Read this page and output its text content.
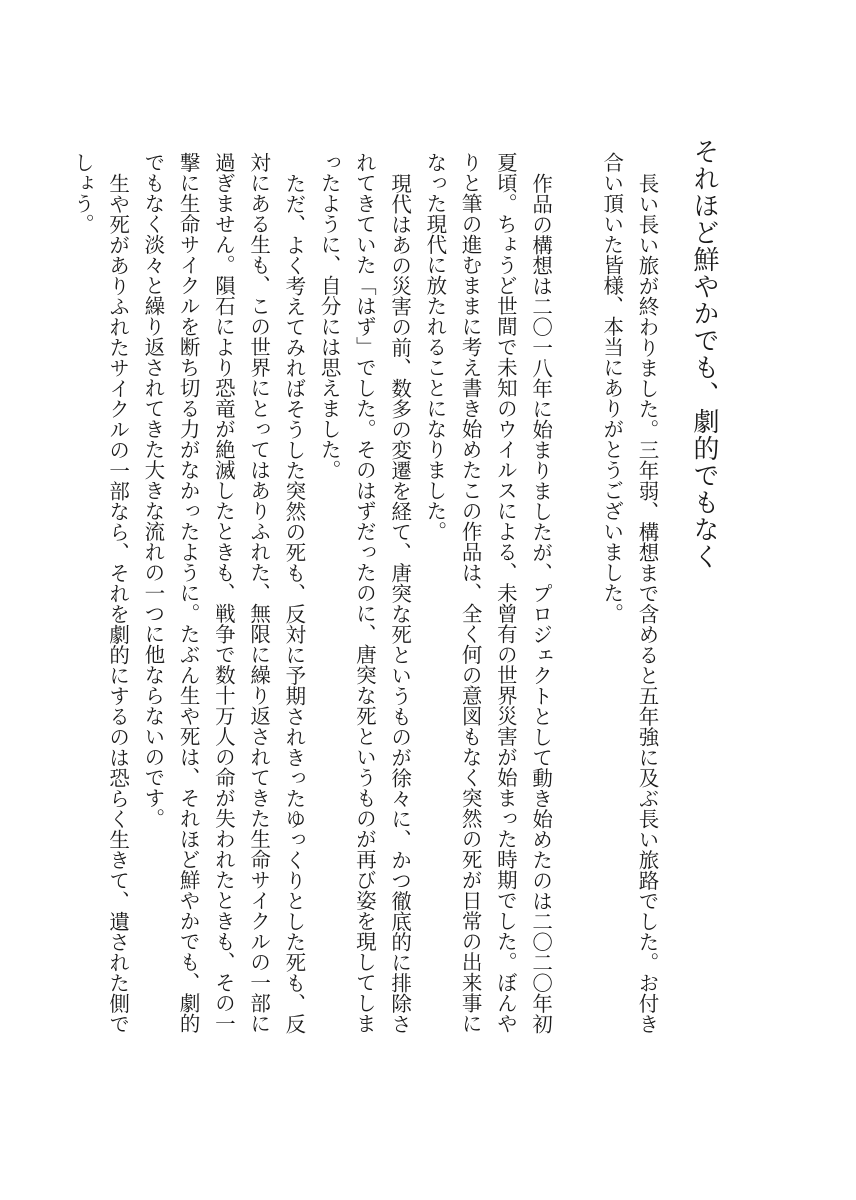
それほど鮮やかでも、劇的でもなく

長い長い旅が終わりました。三年弱、構想まで含めると五年強に及ぶ長い旅路でした。お付き合い頂いた皆様、本当にありがとうございました。

作品の構想は二〇一八年に始まりましたが、プロジェクトとして動き始めたのは二〇二〇年初夏頃。ちょうど世間で未知のウイルスによる、未曾有の世界災害が始まった時期でした。ぼんやりと筆の進むままに考え書き始めたこの作品は、全く何の意図もなく突然の死が日常の出来事になった現代に放たれることになりました。

現代はあの災害の前、数多の変遷を経て、唐突な死というものが徐々に、かつ徹底的に排除されてきていた「はず」でした。そのはずだったのに、唐突な死というものが再び姿を現してしまったように、自分には思えました。

ただ、よく考えてみればそうした突然の死も、反対に予期されきったゆっくりとした死も、反対にある生も、この世界にとってはありふれた、無限に繰り返されてきた生命サイクルの一部に過ぎません。隕石により恐竜が絶滅したときも、戦争で数十万人の命が失われたときも、その一撃に生命サイクルを断ち切る力がなかったように。たぶん生や死は、それほど鮮やかでも、劇的でもなく淡々と繰り返されてきた大きな流れの一つに他ならないのです。

生や死がありふれたサイクルの一部なら、それを劇的にするのは恐らく生きて、遺された側でしょう。
